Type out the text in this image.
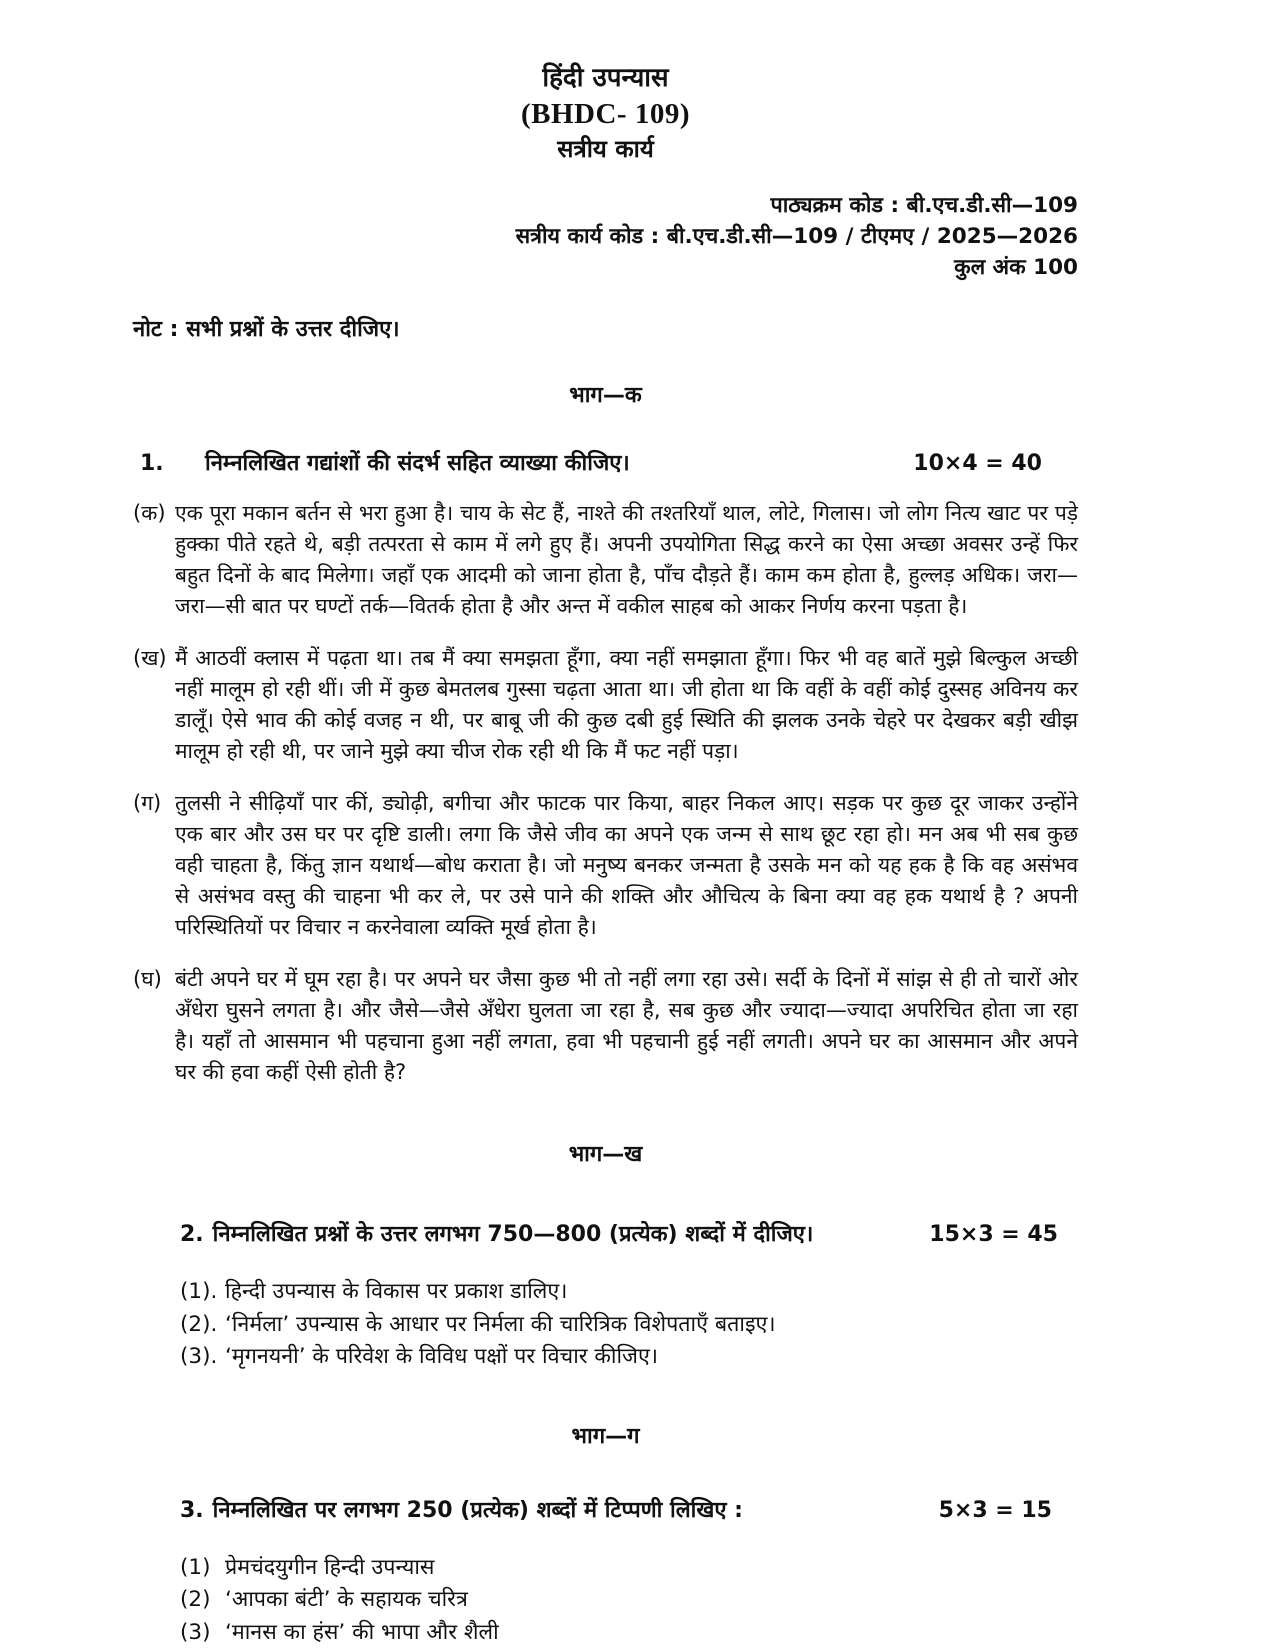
हिंदी उपन्यास
(BHDC- 109)
सत्रीय कार्य
पाठ्यक्रम कोड : बी.एच.डी.सी—109
सत्रीय कार्य कोड : बी.एच.डी.सी—109 / टीएमए / 2025—2026
कुल अंक 100
नोट : सभी प्रश्नों के उत्तर दीजिए।
भाग—क
1.	निम्नलिखित गद्यांशों की संदर्भ सहित व्याख्या कीजिए।	10×4 = 40
(क) एक पूरा मकान बर्तन से भरा हुआ है। चाय के सेट हैं, नाश्ते की तश्तरियाँ थाल, लोटे, गिलास। जो लोग नित्य खाट पर पड़े हुक्का पीते रहते थे, बड़ी तत्परता से काम में लगे हुए हैं। अपनी उपयोगिता सिद्ध करने का ऐसा अच्छा अवसर उन्हें फिर बहुत दिनों के बाद मिलेगा। जहाँ एक आदमी को जाना होता है, पाँच दौड़ते हैं। काम कम होता है, हुल्लड़ अधिक। जरा—जरा—सी बात पर घण्टों तर्क—वितर्क होता है और अन्त में वकील साहब को आकर निर्णय करना पड़ता है।
(ख) मैं आठवीं क्लास में पढ़ता था। तब मैं क्या समझता हूँगा, क्या नहीं समझाता हूँगा। फिर भी वह बातें मुझे बिल्कुल अच्छी नहीं मालूम हो रही थीं। जी में कुछ बेमतलब गुस्सा चढ़ता आता था। जी होता था कि वहीं के वहीं कोई दुस्सह अविनय कर डालूँ। ऐसे भाव की कोई वजह न थी, पर बाबू जी की कुछ दबी हुई स्थिति की झलक उनके चेहरे पर देखकर बड़ी खीझ मालूम हो रही थी, पर जाने मुझे क्या चीज रोक रही थी कि मैं फट नहीं पड़ा।
(ग) तुलसी ने सीढ़ियाँ पार कीं, ड्योढ़ी, बगीचा और फाटक पार किया, बाहर निकल आए। सड़क पर कुछ दूर जाकर उन्होंने एक बार और उस घर पर दृष्टि डाली। लगा कि जैसे जीव का अपने एक जन्म से साथ छूट रहा हो। मन अब भी सब कुछ वही चाहता है, किंतु ज्ञान यथार्थ—बोध कराता है। जो मनुष्य बनकर जन्मता है उसके मन को यह हक है कि वह असंभव से असंभव वस्तु की चाहना भी कर ले, पर उसे पाने की शक्ति और औचित्य के बिना क्या वह हक यथार्थ है ? अपनी परिस्थितियों पर विचार न करनेवाला व्यक्ति मूर्ख होता है।
(घ) बंटी अपने घर में घूम रहा है। पर अपने घर जैसा कुछ भी तो नहीं लगा रहा उसे। सर्दी के दिनों में सांझ से ही तो चारों ओर अँधेरा घुसने लगता है। और जैसे—जैसे अँधेरा घुलता जा रहा है, सब कुछ और ज्यादा—ज्यादा अपरिचित होता जा रहा है। यहाँ तो आसमान भी पहचाना हुआ नहीं लगता, हवा भी पहचानी हुई नहीं लगती। अपने घर का आसमान और अपने घर की हवा कहीं ऐसी होती है?
भाग—ख
2. निम्नलिखित प्रश्नों के उत्तर लगभग 750—800 (प्रत्येक) शब्दों में दीजिए।	15×3 = 45
(1). हिन्दी उपन्यास के विकास पर प्रकाश डालिए।
(2). ‘निर्मला’ उपन्यास के आधार पर निर्मला की चारित्रिक विशेपताएँ बताइए।
(3). ‘मृगनयनी’ के परिवेश के विविध पक्षों पर विचार कीजिए।
भाग—ग
3. निम्नलिखित पर लगभग 250 (प्रत्येक) शब्दों में टिप्पणी लिखिए :	5×3 = 15
(1) प्रेमचंदयुगीन हिन्दी उपन्यास
(2) ‘आपका बंटी’ के सहायक चरित्र
(3) ‘मानस का हंस’ की भापा और शैली
